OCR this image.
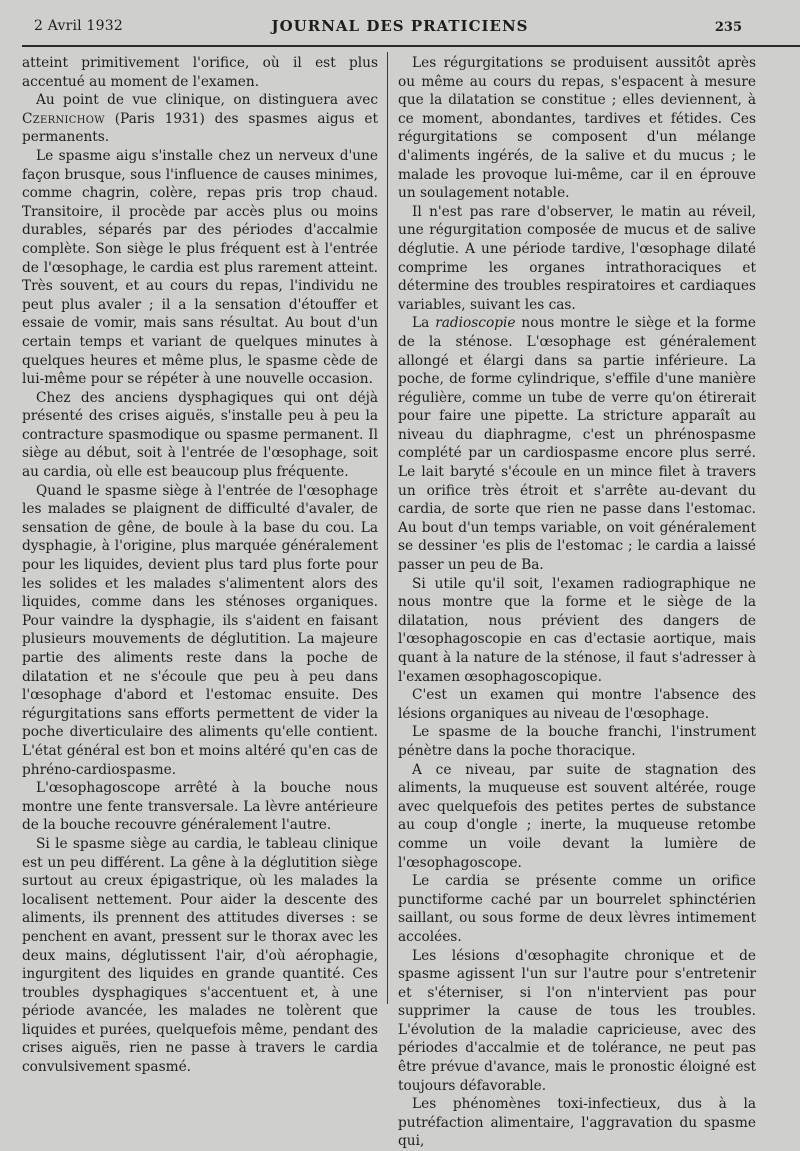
2 Avril 1932	JOURNAL DES PRATICIENS	235

atteint primitivement l'orifice, où il est plus accentué au moment de l'examen.

Au point de vue clinique, on distinguera avec Czernichow (Paris 1931) des spasmes aigus et permanents.

Le spasme aigu s'installe chez un nerveux d'une façon brusque, sous l'influence de causes minimes, comme chagrin, colère, repas pris trop chaud. Transitoire, il procède par accès plus ou moins durables, séparés par des périodes d'accalmie complète. Son siège le plus fréquent est à l'entrée de l'œsophage, le cardia est plus rarement atteint. Très souvent, et au cours du repas, l'individu ne peut plus avaler ; il a la sensation d'étouffer et essaie de vomir, mais sans résultat. Au bout d'un certain temps et variant de quelques minutes à quelques heures et même plus, le spasme cède de lui-même pour se répéter à une nouvelle occasion.

Chez des anciens dysphagiques qui ont déjà présenté des crises aiguës, s'installe peu à peu la contracture spasmodique ou spasme permanent. Il siège au début, soit à l'entrée de l'œsophage, soit au cardia, où elle est beaucoup plus fréquente.

Quand le spasme siège à l'entrée de l'œsophage les malades se plaignent de difficulté d'avaler, de sensation de gêne, de boule à la base du cou. La dysphagie, à l'origine, plus marquée généralement pour les liquides, devient plus tard plus forte pour les solides et les malades s'alimentent alors des liquides, comme dans les sténoses organiques. Pour vaindre la dysphagie, ils s'aident en faisant plusieurs mouvements de déglutition. La majeure partie des aliments reste dans la poche de dilatation et ne s'écoule que peu à peu dans l'œsophage d'abord et l'estomac ensuite. Des régurgitations sans efforts permettent de vider la poche diverticulaire des aliments qu'elle contient. L'état général est bon et moins altéré qu'en cas de phréno-cardiospasme.

L'œsophagoscope arrêté à la bouche nous montre une fente transversale. La lèvre antérieure de la bouche recouvre généralement l'autre.

Si le spasme siège au cardia, le tableau clinique est un peu différent. La gêne à la déglutition siège surtout au creux épigastrique, où les malades la localisent nettement. Pour aider la descente des aliments, ils prennent des attitudes diverses : se penchent en avant, pressent sur le thorax avec les deux mains, déglutissent l'air, d'où aérophagie, ingurgitent des liquides en grande quantité. Ces troubles dysphagiques s'accentuent et, à une période avancée, les malades ne tolèrent que liquides et purées, quelquefois même, pendant des crises aiguës, rien ne passe à travers le cardia convulsivement spasmé.

Les régurgitations se produisent aussitôt après ou même au cours du repas, s'espacent à mesure que la dilatation se constitue ; elles deviennent, à ce moment, abondantes, tardives et fétides. Ces régurgitations se composent d'un mélange d'aliments ingérés, de la salive et du mucus ; le malade les provoque lui-même, car il en éprouve un soulagement notable.

Il n'est pas rare d'observer, le matin au réveil, une régurgitation composée de mucus et de salive déglutie. A une période tardive, l'œsophage dilaté comprime les organes intrathoraciques et détermine des troubles respiratoires et cardiaques variables, suivant les cas.

La radioscopie nous montre le siège et la forme de la sténose. L'œsophage est généralement allongé et élargi dans sa partie inférieure. La poche, de forme cylindrique, s'effile d'une manière régulière, comme un tube de verre qu'on étirerait pour faire une pipette. La stricture apparaît au niveau du diaphragme, c'est un phrénospasme complété par un cardiospasme encore plus serré. Le lait baryté s'écoule en un mince filet à travers un orifice très étroit et s'arrête au-devant du cardia, de sorte que rien ne passe dans l'estomac. Au bout d'un temps variable, on voit généralement se dessiner 'es plis de l'estomac ; le cardia a laissé passer un peu de Ba.

Si utile qu'il soit, l'examen radiographique ne nous montre que la forme et le siège de la dilatation, nous prévient des dangers de l'œsophagoscopie en cas d'ectasie aortique, mais quant à la nature de la sténose, il faut s'adresser à l'examen œsophagoscopique.

C'est un examen qui montre l'absence des lésions organiques au niveau de l'œsophage.

Le spasme de la bouche franchi, l'instrument pénètre dans la poche thoracique.

A ce niveau, par suite de stagnation des aliments, la muqueuse est souvent altérée, rouge avec quelquefois des petites pertes de substance au coup d'ongle ; inerte, la muqueuse retombe comme un voile devant la lumière de l'œsophagoscope.

Le cardia se présente comme un orifice punctiforme caché par un bourrelet sphinctérien saillant, ou sous forme de deux lèvres intimement accolées.

Les lésions d'œsophagite chronique et de spasme agissent l'un sur l'autre pour s'entretenir et s'éterniser, si l'on n'intervient pas pour supprimer la cause de tous les troubles. L'évolution de la maladie capricieuse, avec des périodes d'accalmie et de tolérance, ne peut pas être prévue d'avance, mais le pronostic éloigné est toujours défavorable.

Les phénomènes toxi-infectieux, dus à la putréfaction alimentaire, l'aggravation du spasme qui,
